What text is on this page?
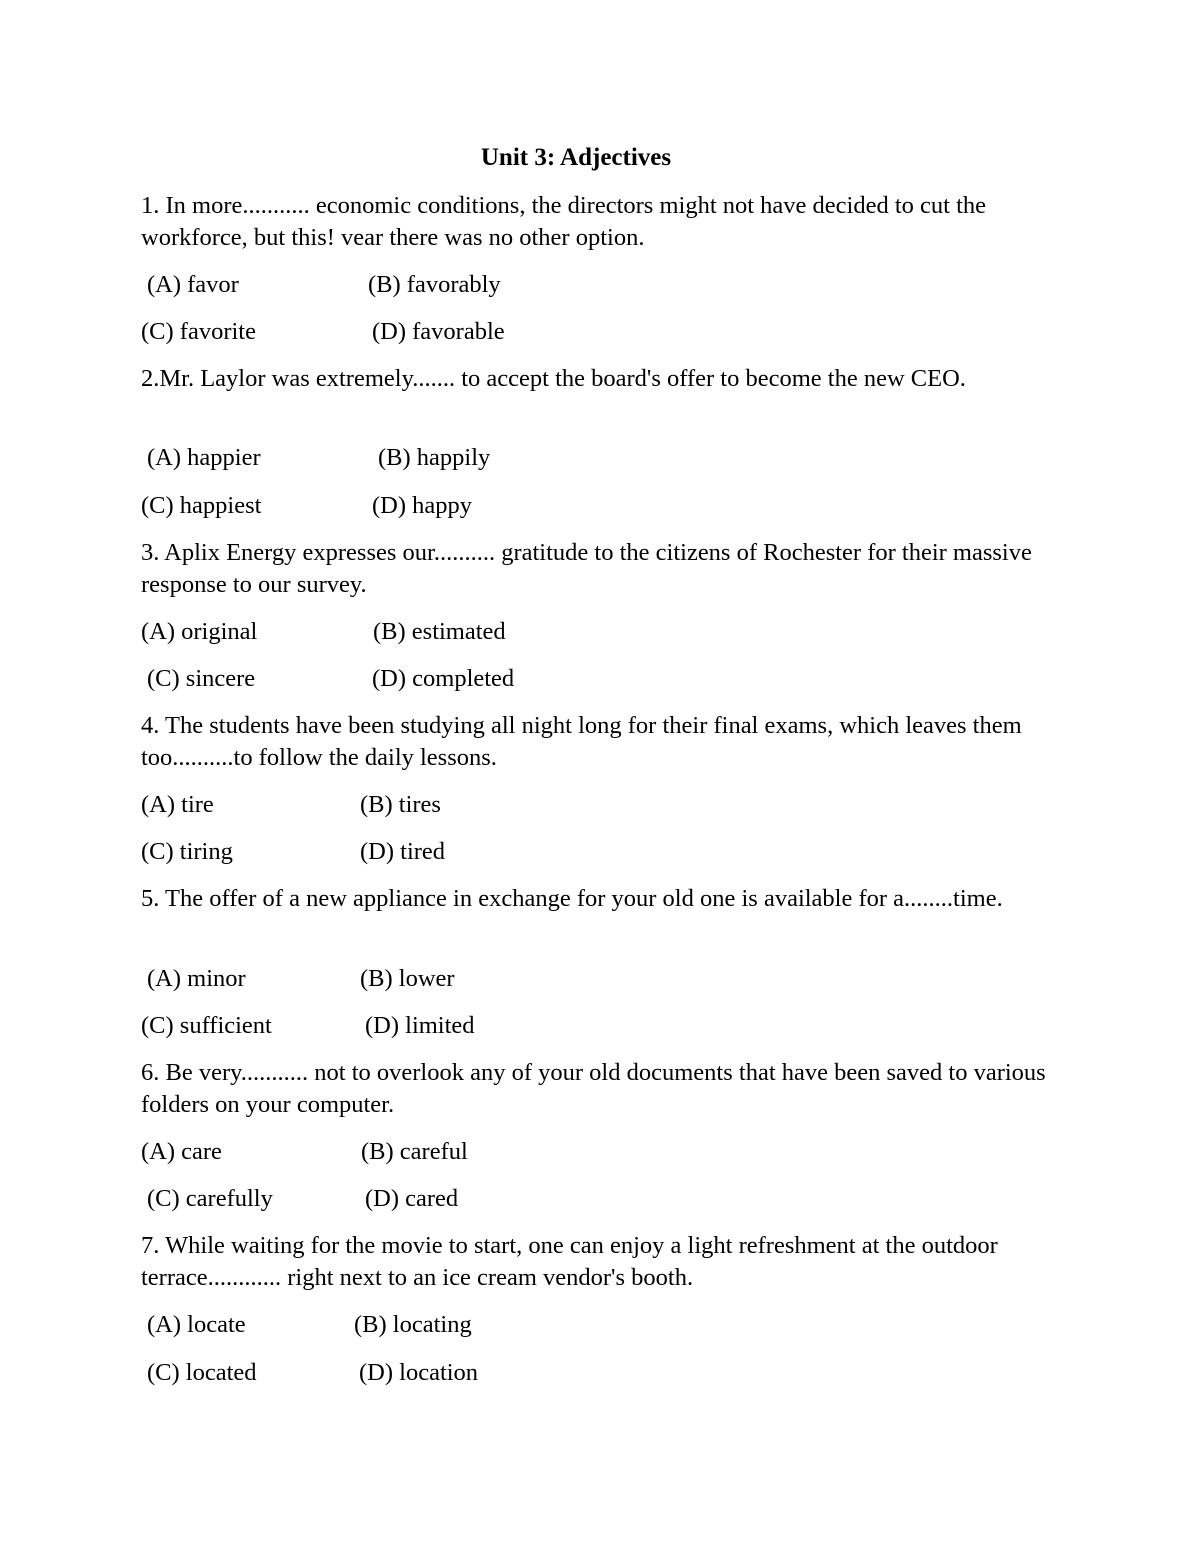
Unit 3: Adjectives
1. In more........... economic conditions, the directors might not have decided to cut the workforce, but this! vear there was no other option.
(A) favor	(B) favorably
(C) favorite	(D) favorable
2.Mr. Laylor was extremely....... to accept the board's offer to become the new CEO.
(A) happier	(B) happily
(C) happiest	(D) happy
3. Aplix Energy expresses our.......... gratitude to the citizens of Rochester for their massive response to our survey.
(A) original	(B) estimated
(C) sincere	(D) completed
4. The students have been studying all night long for their final exams, which leaves them too..........to follow the daily lessons.
(A) tire	(B) tires
(C) tiring	(D) tired
5. The offer of a new appliance in exchange for your old one is available for a........time.
(A) minor	(B) lower
(C) sufficient	(D) limited
6. Be very........... not to overlook any of your old documents that have been saved to various folders on your computer.
(A) care	(B) careful
(C) carefully	(D) cared
7. While waiting for the movie to start, one can enjoy a light refreshment at the outdoor terrace............ right next to an ice cream vendor's booth.
(A) locate	(B) locating
(C) located	(D) location
